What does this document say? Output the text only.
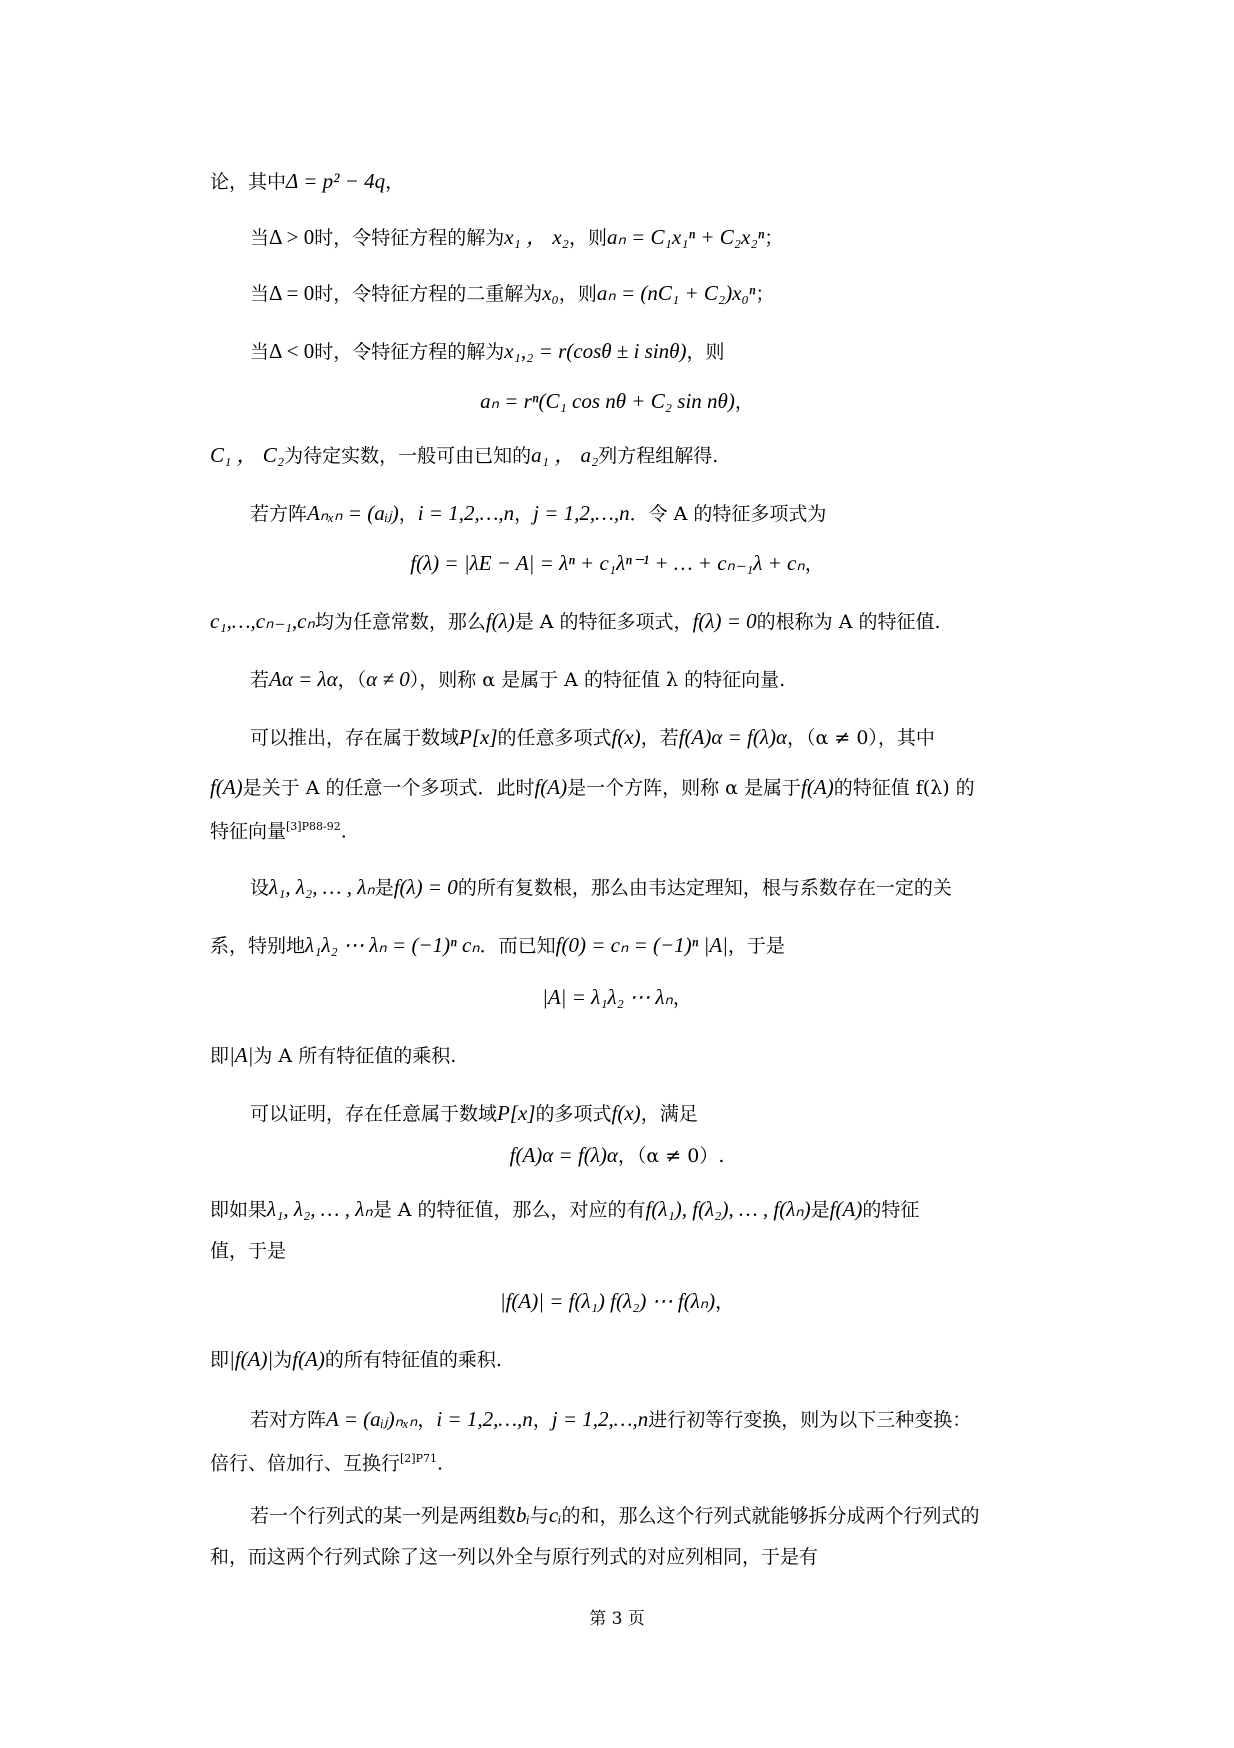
论，其中Δ = p² − 4q，
当Δ > 0时，令特征方程的解为x₁ ， x₂，则aₙ = C₁x₁ⁿ + C₂x₂ⁿ；
当Δ = 0时，令特征方程的二重解为x₀，则aₙ = (nC₁ + C₂)x₀ⁿ；
当Δ < 0时，令特征方程的解为x₁,₂ = r(cosθ ± i sinθ)，则
aₙ = rⁿ(C₁ cos nθ + C₂ sin nθ)，
C₁ ， C₂为待定实数，一般可由已知的a₁ ， a₂列方程组解得.
若方阵Aₙₓₙ = (aᵢⱼ)，i = 1,2,…,n，j = 1,2,…,n．令 A 的特征多项式为
f(λ) = |λE − A| = λⁿ + c₁λⁿ⁻¹ + … + cₙ₋₁λ + cₙ，
c₁,…,cₙ₋₁,cₙ均为任意常数，那么f(λ)是 A 的特征多项式，f(λ) = 0的根称为 A 的特征值.
若Aα = λα，（α ≠ 0），则称 α 是属于 A 的特征值 λ 的特征向量.
可以推出，存在属于数域P[x]的任意多项式f(x)，若f(A)α = f(λ)α，（α ≠ 0），其中
f(A)是关于 A 的任意一个多项式．此时f(A)是一个方阵，则称 α 是属于f(A)的特征值 f(λ) 的
特征向量$^{[3]P88-92}$.
设λ₁, λ₂, … , λₙ是f(λ) = 0的所有复数根，那么由韦达定理知，根与系数存在一定的关
系，特别地λ₁λ₂ ⋯ λₙ = (−1)ⁿ cₙ．而已知f(0) = cₙ = (−1)ⁿ |A|，于是
|A| = λ₁λ₂ ⋯ λₙ，
即|A|为 A 所有特征值的乘积.
可以证明，存在任意属于数域P[x]的多项式f(x)，满足
f(A)α = f(λ)α，（α ≠ 0）.
即如果λ₁, λ₂, … , λₙ是 A 的特征值，那么，对应的有f(λ₁), f(λ₂), … , f(λₙ)是f(A)的特征
值，于是
|f(A)| = f(λ₁) f(λ₂) ⋯ f(λₙ)，
即|f(A)|为f(A)的所有特征值的乘积.
若对方阵A = (aᵢⱼ)ₙₓₙ，i = 1,2,…,n，j = 1,2,…,n进行初等行变换，则为以下三种变换：
倍行、倍加行、互换行$^{[2]P71}$.
若一个行列式的某一列是两组数bᵢ与cᵢ的和，那么这个行列式就能够拆分成两个行列式的
和，而这两个行列式除了这一列以外全与原行列式的对应列相同，于是有
第 3 页
